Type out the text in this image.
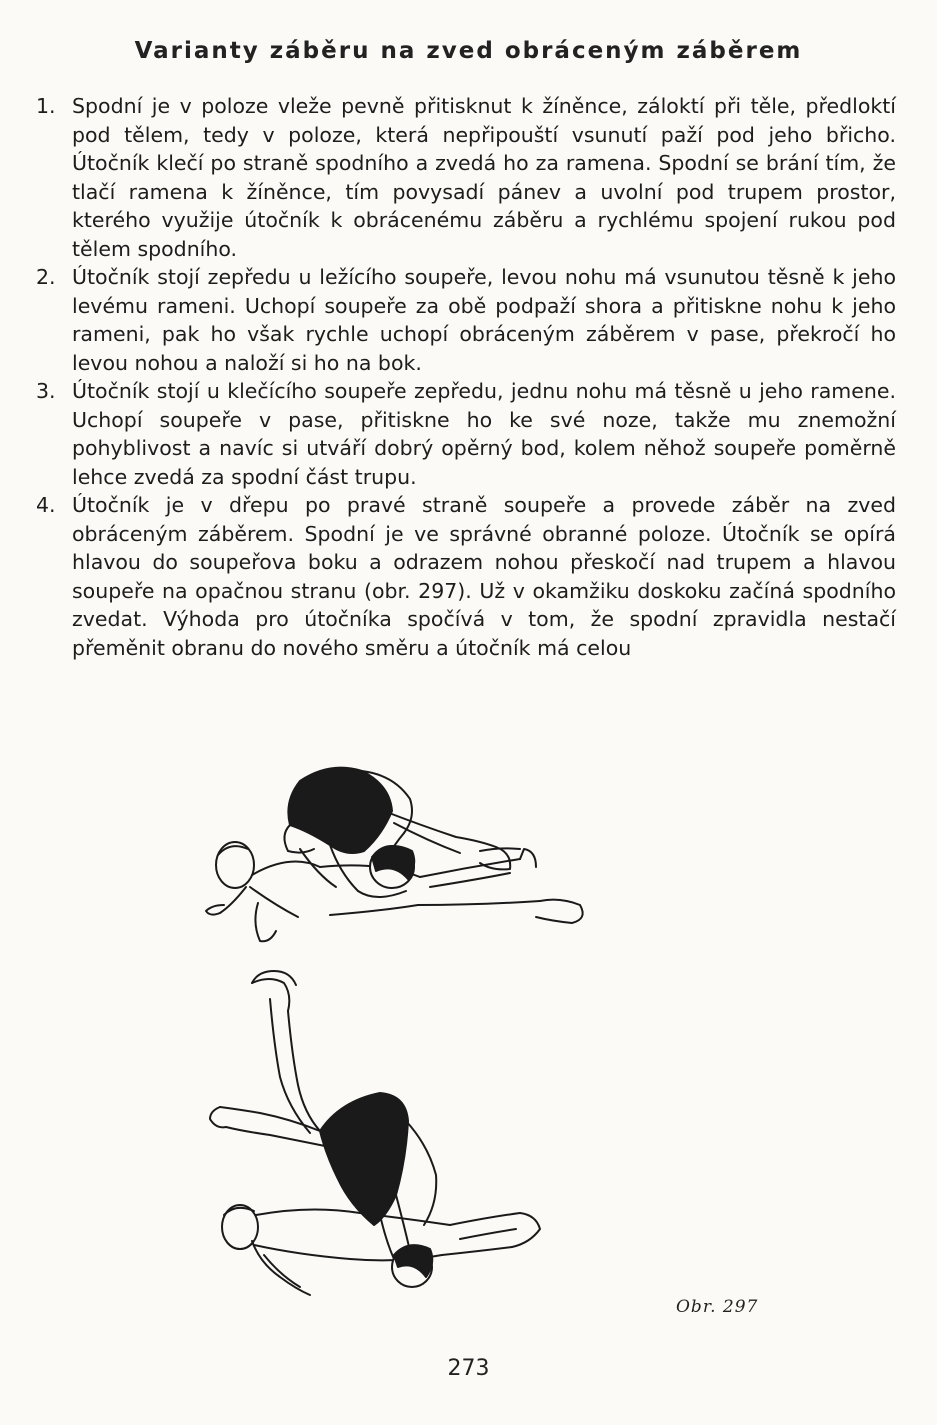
Varianty záběru na zved obráceným záběrem
1. Spodní je v poloze vleže pevně přitisknut k žíněnce, záloktí při těle, předloktí pod tělem, tedy v poloze, která nepřipouští vsunutí paží pod jeho břicho. Útočník klečí po straně spodního a zvedá ho za ramena. Spodní se brání tím, že tlačí ramena k žíněnce, tím povysadí pánev a uvolní pod trupem prostor, kterého využije útočník k obrácenému záběru a rychlému spojení rukou pod tělem spodního.
2. Útočník stojí zepředu u ležícího soupeře, levou nohu má vsunutou těsně k jeho levému rameni. Uchopí soupeře za obě podpaží shora a přitiskne nohu k jeho rameni, pak ho však rychle uchopí obráceným záběrem v pase, překročí ho levou nohou a naloží si ho na bok.
3. Útočník stojí u klečícího soupeře zepředu, jednu nohu má těsně u jeho ramene. Uchopí soupeře v pase, přitiskne ho ke své noze, takže mu znemožní pohyblivost a navíc si utváří dobrý opěrný bod, kolem něhož soupeře poměrně lehce zvedá za spodní část trupu.
4. Útočník je v dřepu po pravé straně soupeře a provede záběr na zved obráceným záběrem. Spodní je ve správné obranné poloze. Útočník se opírá hlavou do soupeřova boku a odrazem nohou přeskočí nad trupem a hlavou soupeře na opačnou stranu (obr. 297). Už v okamžiku doskoku začíná spodního zvedat. Výhoda pro útočníka spočívá v tom, že spodní zpravidla nestačí přeměnit obranu do nového směru a útočník má celou
Obr. 297
273
